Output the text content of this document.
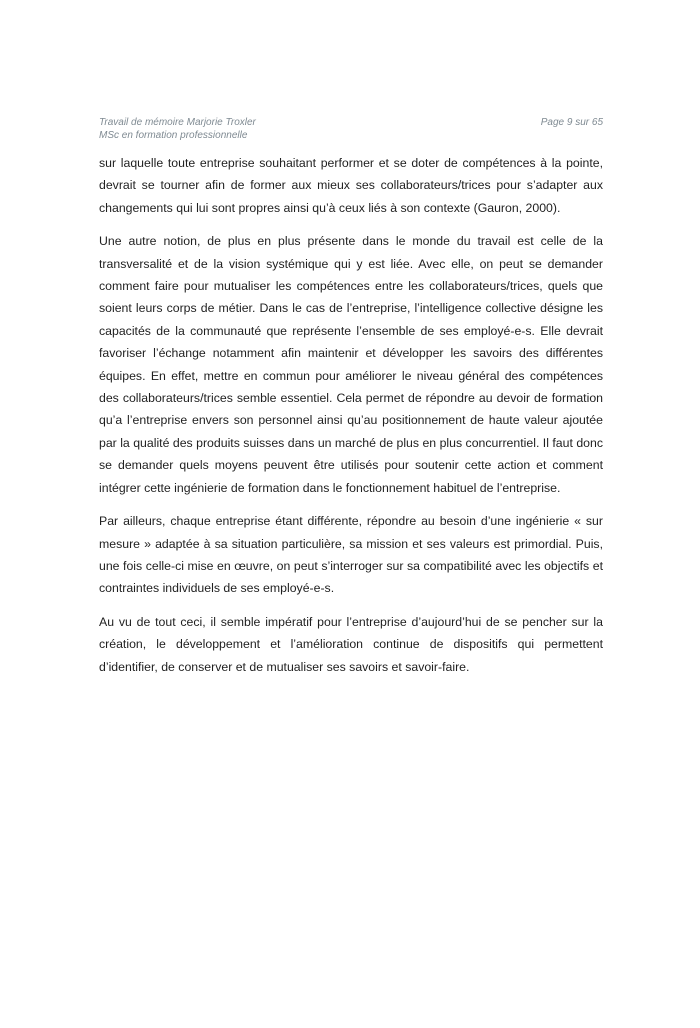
Travail de mémoire Marjorie Troxler	Page 9 sur 65
MSc en formation professionnelle

sur laquelle toute entreprise souhaitant performer et se doter de compétences à la pointe, devrait se tourner afin de former aux mieux ses collaborateurs/trices pour s’adapter aux changements qui lui sont propres ainsi qu’à ceux liés à son contexte (Gauron, 2000).

Une autre notion, de plus en plus présente dans le monde du travail est celle de la transversalité et de la vision systémique qui y est liée. Avec elle, on peut se demander comment faire pour mutualiser les compétences entre les collaborateurs/trices, quels que soient leurs corps de métier. Dans le cas de l’entreprise, l’intelligence collective désigne les capacités de la communauté que représente l’ensemble de ses employé-e-s. Elle devrait favoriser l’échange notamment afin maintenir et développer les savoirs des différentes équipes. En effet, mettre en commun pour améliorer le niveau général des compétences des collaborateurs/trices semble essentiel. Cela permet de répondre au devoir de formation qu’a l’entreprise envers son personnel ainsi qu’au positionnement de haute valeur ajoutée par la qualité des produits suisses dans un marché de plus en plus concurrentiel. Il faut donc se demander quels moyens peuvent être utilisés pour soutenir cette action et comment intégrer cette ingénierie de formation dans le fonctionnement habituel de l’entreprise.

Par ailleurs, chaque entreprise étant différente, répondre au besoin d’une ingénierie « sur mesure » adaptée à sa situation particulière, sa mission et ses valeurs est primordial. Puis, une fois celle-ci mise en œuvre, on peut s’interroger sur sa compatibilité avec les objectifs et contraintes individuels de ses employé-e-s.

Au vu de tout ceci, il semble impératif pour l’entreprise d’aujourd’hui de se pencher sur la création, le développement et l’amélioration continue de dispositifs qui permettent d’identifier, de conserver et de mutualiser ses savoirs et savoir-faire.
